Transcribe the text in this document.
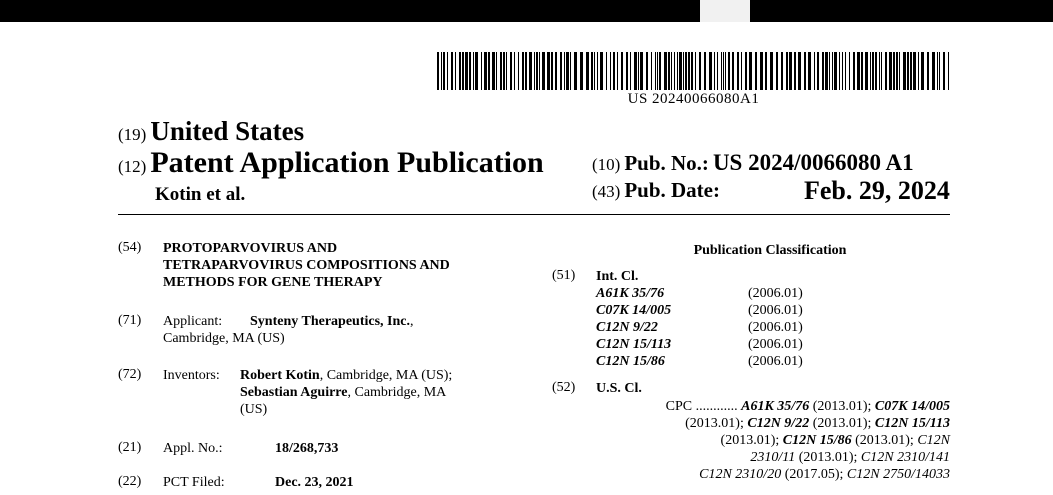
US 20240066080A1
(19) United States
(12) Patent Application Publication
Kotin et al.
(10) Pub. No.: US 2024/0066080 A1
(43) Pub. Date:	Feb. 29, 2024
(54) PROTOPARVOVIRUS AND
TETRAPARVOVIRUS COMPOSITIONS AND
METHODS FOR GENE THERAPY
(71) Applicant: Synteny Therapeutics, Inc.,
Cambridge, MA (US)
(72) Inventors: Robert Kotin, Cambridge, MA (US);
Sebastian Aguirre, Cambridge, MA
(US)
(21) Appl. No.:	18/268,733
(22) PCT Filed:	Dec. 23, 2021
Publication Classification
(51) Int. Cl.
A61K 35/76	(2006.01)
C07K 14/005	(2006.01)
C12N 9/22	(2006.01)
C12N 15/113	(2006.01)
C12N 15/86	(2006.01)
(52) U.S. Cl.
CPC ............ A61K 35/76 (2013.01); C07K 14/005
(2013.01); C12N 9/22 (2013.01); C12N 15/113
(2013.01); C12N 15/86 (2013.01); C12N
2310/11 (2013.01); C12N 2310/141
C12N 2310/20 (2017.05); C12N 2750/14033
